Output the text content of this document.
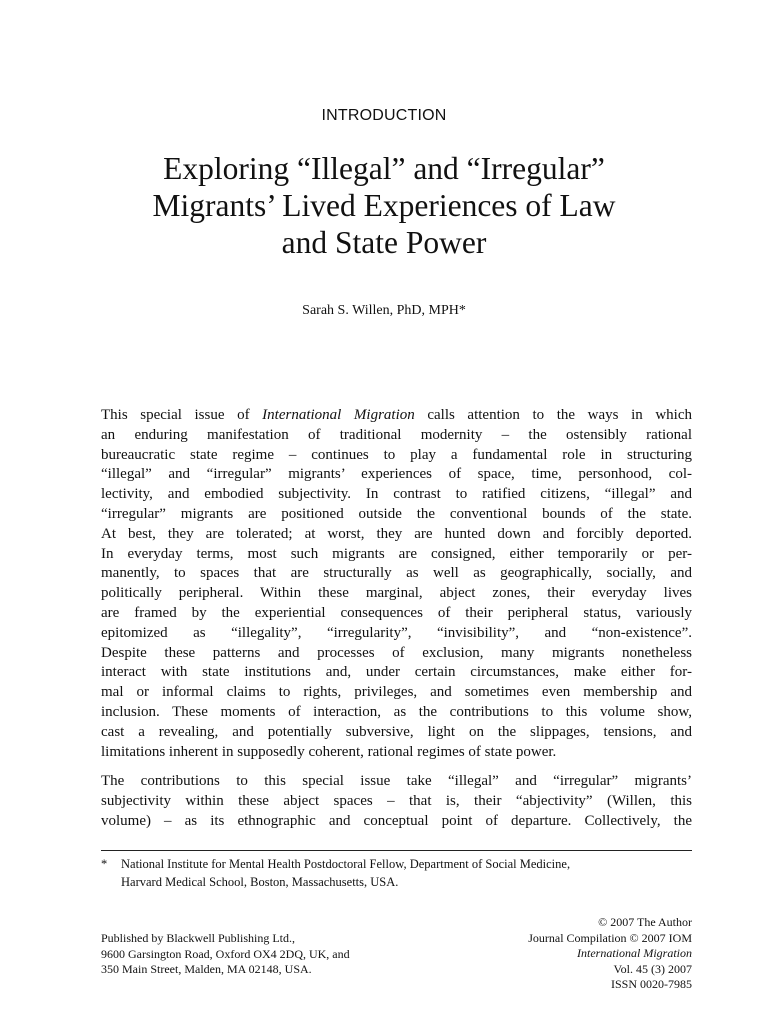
INTRODUCTION
Exploring “Illegal” and “Irregular”
Migrants’ Lived Experiences of Law
and State Power
Sarah S. Willen, PhD, MPH*
This special issue of International Migration calls attention to the ways in which
an enduring manifestation of traditional modernity – the ostensibly rational
bureaucratic state regime – continues to play a fundamental role in structuring
“illegal” and “irregular” migrants’ experiences of space, time, personhood, col-
lectivity, and embodied subjectivity. In contrast to ratified citizens, “illegal” and
“irregular” migrants are positioned outside the conventional bounds of the state.
At best, they are tolerated; at worst, they are hunted down and forcibly deported.
In everyday terms, most such migrants are consigned, either temporarily or per-
manently, to spaces that are structurally as well as geographically, socially, and
politically peripheral. Within these marginal, abject zones, their everyday lives
are framed by the experiential consequences of their peripheral status, variously
epitomized as “illegality”, “irregularity”, “invisibility”, and “non-existence”.
Despite these patterns and processes of exclusion, many migrants nonetheless
interact with state institutions and, under certain circumstances, make either for-
mal or informal claims to rights, privileges, and sometimes even membership and
inclusion. These moments of interaction, as the contributions to this volume show,
cast a revealing, and potentially subversive, light on the slippages, tensions, and
limitations inherent in supposedly coherent, rational regimes of state power.
The contributions to this special issue take “illegal” and “irregular” migrants’
subjectivity within these abject spaces – that is, their “abjectivity” (Willen, this
volume) – as its ethnographic and conceptual point of departure. Collectively, the
* National Institute for Mental Health Postdoctoral Fellow, Department of Social Medicine,
Harvard Medical School, Boston, Massachusetts, USA.
Published by Blackwell Publishing Ltd.,
9600 Garsington Road, Oxford OX4 2DQ, UK, and
350 Main Street, Malden, MA 02148, USA.
© 2007 The Author
Journal Compilation © 2007 IOM
International Migration
Vol. 45 (3) 2007
ISSN 0020-7985
